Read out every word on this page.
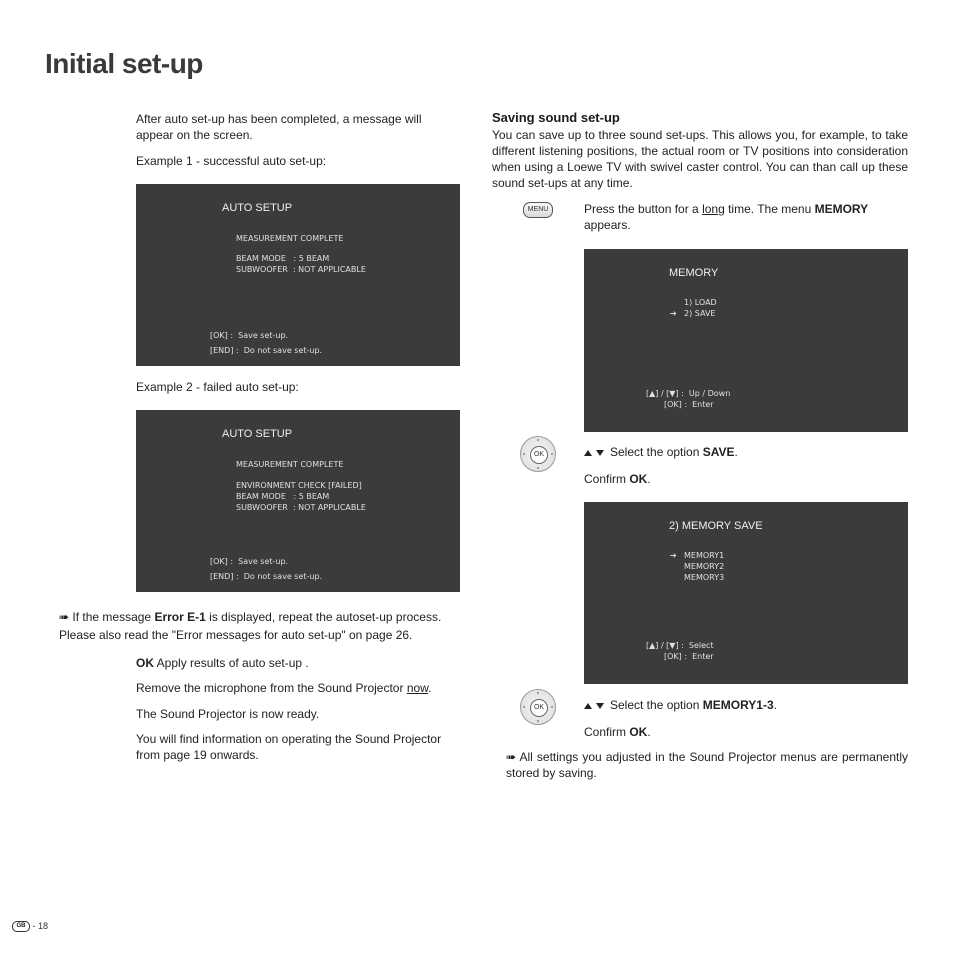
Initial set-up
After auto set-up has been completed, a message will appear on the screen.
Example 1 - successful auto set-up:
AUTO SETUP
MEASUREMENT COMPLETE
BEAM MODE   : 5 BEAM
SUBWOOFER  : NOT APPLICABLE
[OK] :  Save set-up.
[END] :  Do not save set-up.
Example 2 - failed auto set-up:
AUTO SETUP
MEASUREMENT COMPLETE
ENVIRONMENT CHECK [FAILED]
BEAM MODE   : 5 BEAM
SUBWOOFER  : NOT APPLICABLE
[OK] :  Save set-up.
[END] :  Do not save set-up.
➠ If the message Error E-1 is displayed, repeat the autoset-up process. Please also read the "Error messages for auto set-up" on page 26.
OK Apply results of auto set-up .
Remove the microphone from the Sound Projector now.
The Sound Projector is now ready.
You will find information on operating the Sound Projector from page 19 onwards.
Saving sound set-up
You can save up to three sound set-ups. This allows you, for example, to take different listening positions, the actual room or TV positions into consideration when using a Loewe TV with swivel caster control. You can than call up these sound set-ups at any time.
MENU	Press the button for a long time. The menu MEMORY appears.
MEMORY
1) LOAD
➔ 2) SAVE
[▲] / [▼] :  Up / Down
[OK] :  Enter
OK	Select the option SAVE.
Confirm OK.
2) MEMORY SAVE
➔ MEMORY1
MEMORY2
MEMORY3
[▲] / [▼] :  Select
[OK] :  Enter
OK	Select the option MEMORY1-3.
Confirm OK.
➠ All settings you adjusted in the Sound Projector menus are permanently stored by saving.
GB - 18
